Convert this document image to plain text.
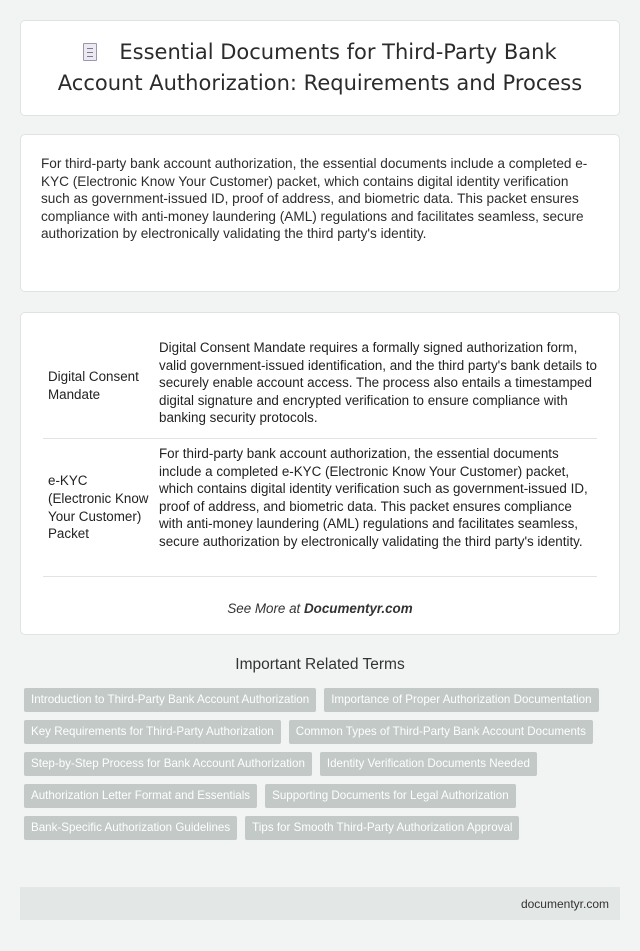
Essential Documents for Third-Party Bank Account Authorization: Requirements and Process

For third-party bank account authorization, the essential documents include a completed e-KYC (Electronic Know Your Customer) packet, which contains digital identity verification such as government-issued ID, proof of address, and biometric data. This packet ensures compliance with anti-money laundering (AML) regulations and facilitates seamless, secure authorization by electronically validating the third party's identity.

Digital Consent Mandate
Digital Consent Mandate requires a formally signed authorization form, valid government-issued identification, and the third party's bank details to securely enable account access. The process also entails a timestamped digital signature and encrypted verification to ensure compliance with banking security protocols.
e-KYC (Electronic Know Your Customer) Packet
For third-party bank account authorization, the essential documents include a completed e-KYC (Electronic Know Your Customer) packet, which contains digital identity verification such as government-issued ID, proof of address, and biometric data. This packet ensures compliance with anti-money laundering (AML) regulations and facilitates seamless, secure authorization by electronically validating the third party's identity.
See More at Documentyr.com
Important Related Terms
Introduction to Third-Party Bank Account Authorization	Importance of Proper Authorization Documentation
Key Requirements for Third-Party Authorization	Common Types of Third-Party Bank Account Documents
Step-by-Step Process for Bank Account Authorization	Identity Verification Documents Needed
Authorization Letter Format and Essentials	Supporting Documents for Legal Authorization
Bank-Specific Authorization Guidelines	Tips for Smooth Third-Party Authorization Approval
documentyr.com
